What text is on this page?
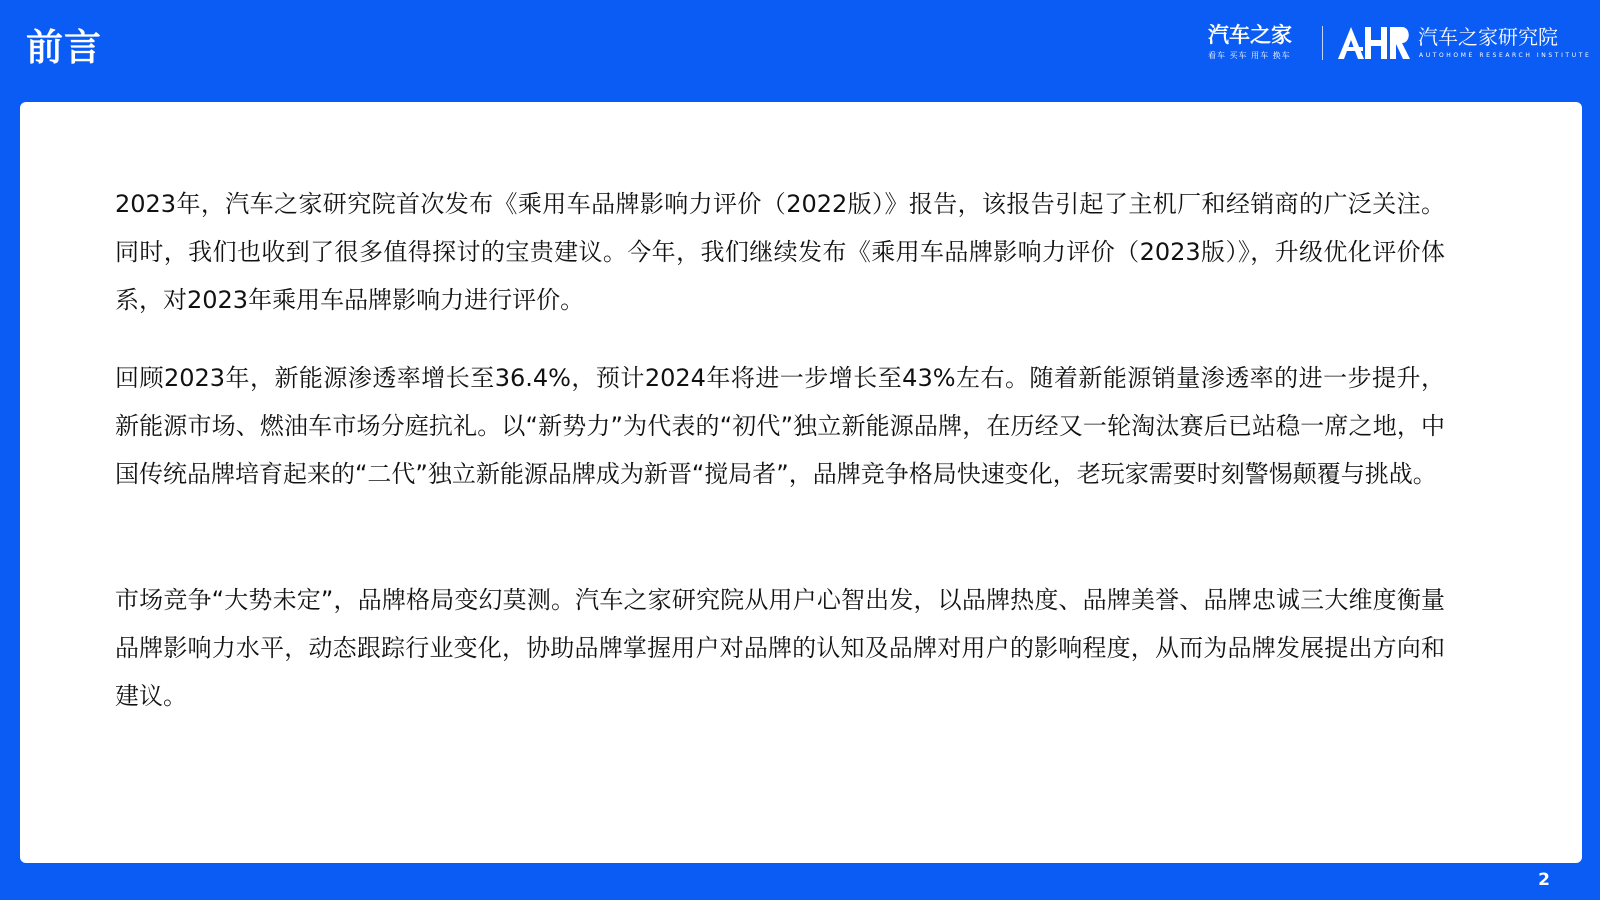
前言	汽车之家
看车 买车 用车 换车
汽车之家研究院
AUTOHOME RESEARCH INSTITUTE

2023年，汽车之家研究院首次发布《乘用车品牌影响力评价（2022版）》报告，该报告引起了主机厂和经销商的广泛关注。同时，我们也收到了很多值得探讨的宝贵建议。今年，我们继续发布《乘用车品牌影响力评价（2023版）》，升级优化评价体系，对2023年乘用车品牌影响力进行评价。

回顾2023年，新能源渗透率增长至36.4%，预计2024年将进一步增长至43%左右。随着新能源销量渗透率的进一步提升，新能源市场、燃油车市场分庭抗礼。以“新势力”为代表的“初代”独立新能源品牌，在历经又一轮淘汰赛后已站稳一席之地，中国传统品牌培育起来的“二代”独立新能源品牌成为新晋“搅局者”，品牌竞争格局快速变化，老玩家需要时刻警惕颠覆与挑战。

市场竞争“大势未定”，品牌格局变幻莫测。汽车之家研究院从用户心智出发，以品牌热度、品牌美誉、品牌忠诚三大维度衡量品牌影响力水平，动态跟踪行业变化，协助品牌掌握用户对品牌的认知及品牌对用户的影响程度，从而为品牌发展提出方向和建议。

2
